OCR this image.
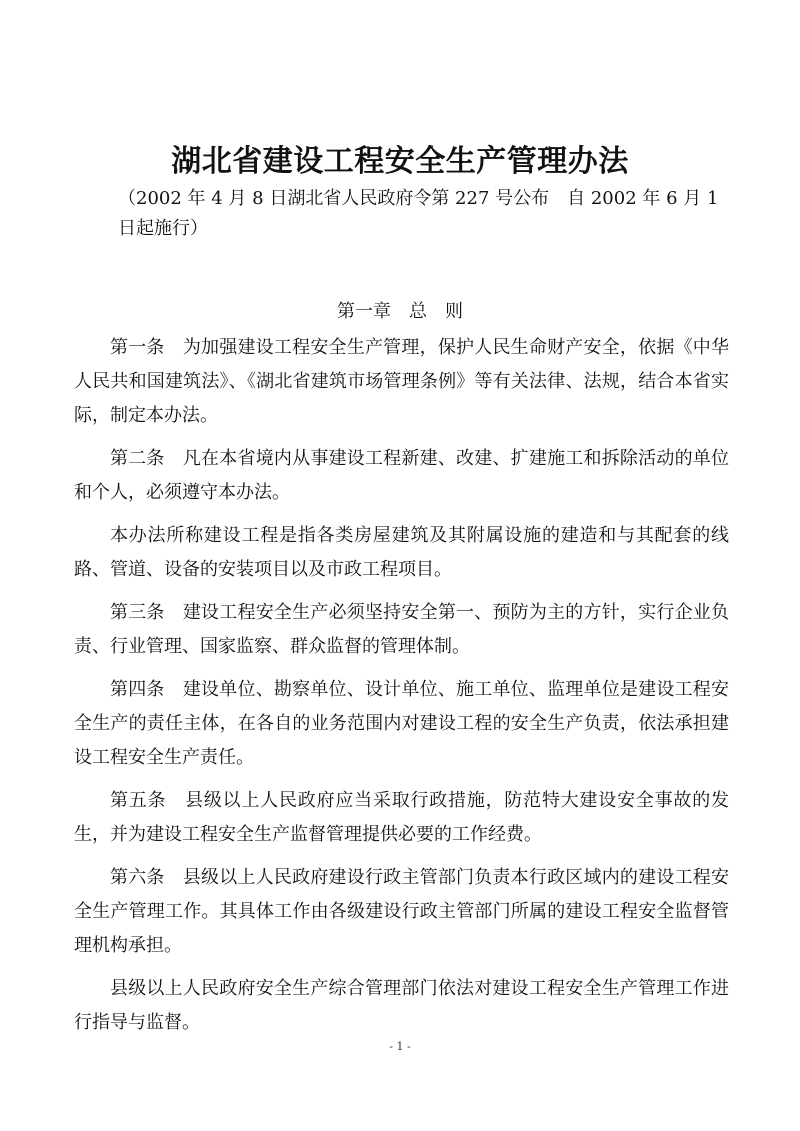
湖北省建设工程安全生产管理办法
（2002 年 4 月 8 日湖北省人民政府令第 227 号公布　自 2002 年 6 月 1 日起施行）
第一章　总　则

第一条　为加强建设工程安全生产管理，保护人民生命财产安全，依据《中华人民共和国建筑法》、《湖北省建筑市场管理条例》等有关法律、法规，结合本省实际，制定本办法。

第二条　凡在本省境内从事建设工程新建、改建、扩建施工和拆除活动的单位和个人，必须遵守本办法。

本办法所称建设工程是指各类房屋建筑及其附属设施的建造和与其配套的线路、管道、设备的安装项目以及市政工程项目。

第三条　建设工程安全生产必须坚持安全第一、预防为主的方针，实行企业负责、行业管理、国家监察、群众监督的管理体制。

第四条　建设单位、勘察单位、设计单位、施工单位、监理单位是建设工程安全生产的责任主体，在各自的业务范围内对建设工程的安全生产负责，依法承担建设工程安全生产责任。

第五条　县级以上人民政府应当采取行政措施，防范特大建设安全事故的发生，并为建设工程安全生产监督管理提供必要的工作经费。

第六条　县级以上人民政府建设行政主管部门负责本行政区域内的建设工程安全生产管理工作。其具体工作由各级建设行政主管部门所属的建设工程安全监督管理机构承担。

县级以上人民政府安全生产综合管理部门依法对建设工程安全生产管理工作进行指导与监督。

- 1 -
